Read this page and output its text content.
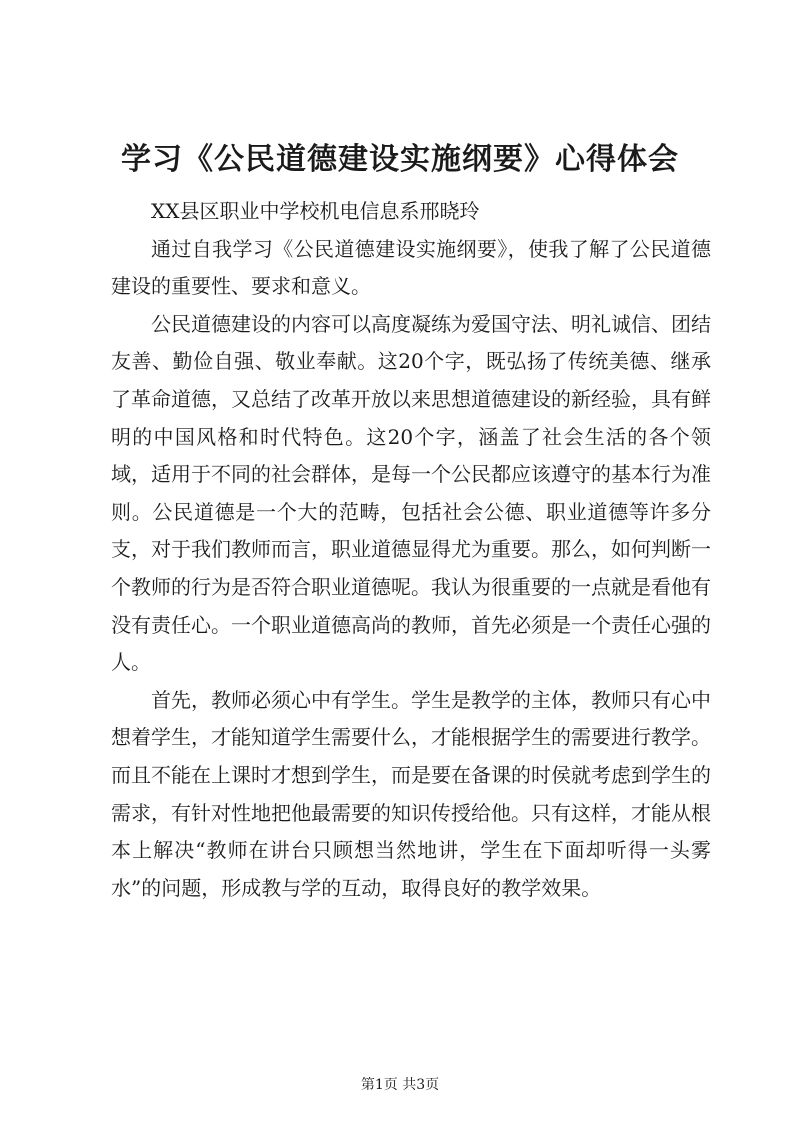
学习《公民道德建设实施纲要》心得体会

XX县区职业中学校机电信息系邢晓玲

通过自我学习《公民道德建设实施纲要》，使我了解了公民道德建设的重要性、要求和意义。

公民道德建设的内容可以高度凝练为爱国守法、明礼诚信、团结友善、勤俭自强、敬业奉献。这20个字，既弘扬了传统美德、继承了革命道德，又总结了改革开放以来思想道德建设的新经验，具有鲜明的中国风格和时代特色。这20个字，涵盖了社会生活的各个领域，适用于不同的社会群体，是每一个公民都应该遵守的基本行为准则。公民道德是一个大的范畴，包括社会公德、职业道德等许多分支，对于我们教师而言，职业道德显得尤为重要。那么，如何判断一个教师的行为是否符合职业道德呢。我认为很重要的一点就是看他有没有责任心。一个职业道德高尚的教师，首先必须是一个责任心强的人。

首先，教师必须心中有学生。学生是教学的主体，教师只有心中想着学生，才能知道学生需要什么，才能根据学生的需要进行教学。而且不能在上课时才想到学生，而是要在备课的时侯就考虑到学生的需求，有针对性地把他最需要的知识传授给他。只有这样，才能从根本上解决“教师在讲台只顾想当然地讲，学生在下面却听得一头雾水”的问题，形成教与学的互动，取得良好的教学效果。

第1页 共3页
